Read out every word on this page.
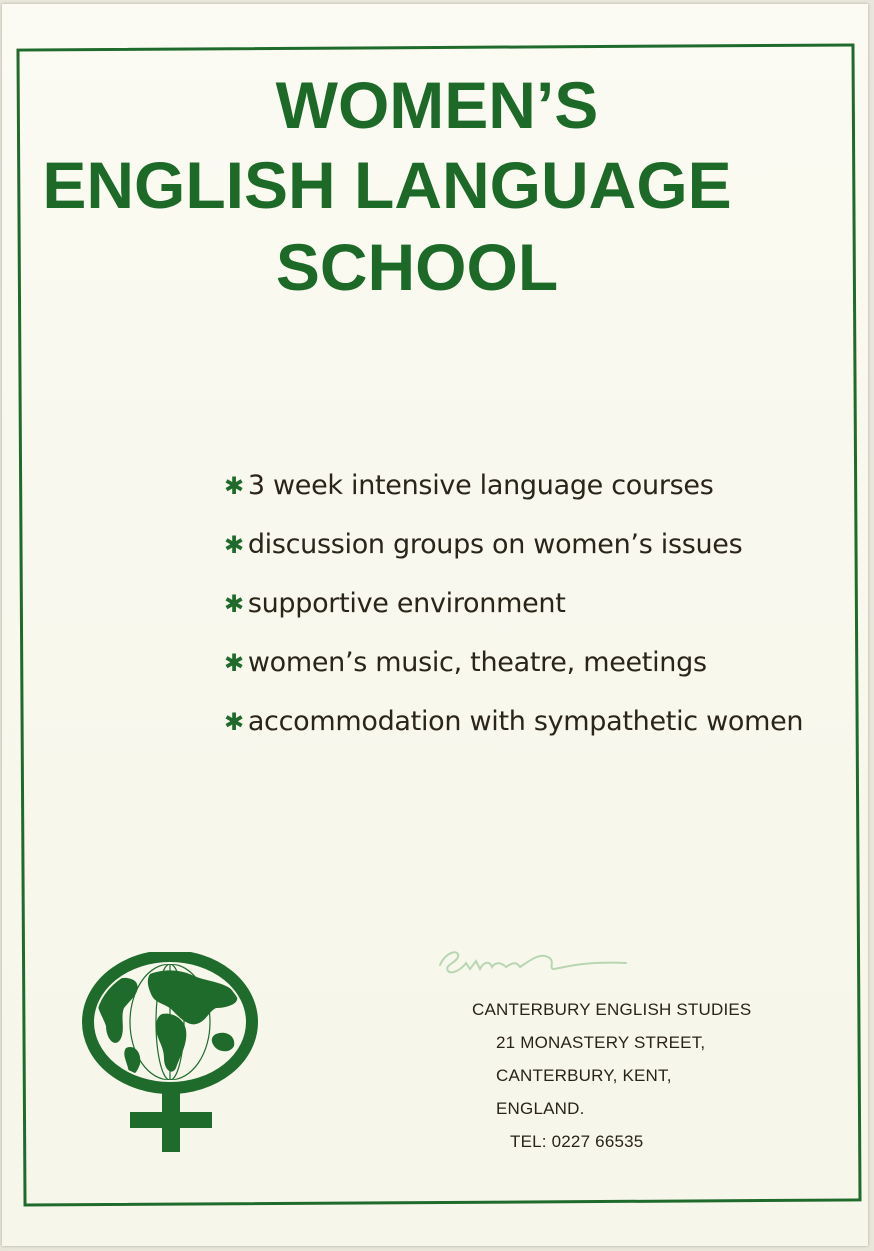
WOMEN’S
ENGLISH LANGUAGE
SCHOOL
✱ 3 week intensive language courses
✱ discussion groups on women’s issues
✱ supportive environment
✱ women’s music, theatre, meetings
✱ accommodation with sympathetic women
CANTERBURY ENGLISH STUDIES
21 MONASTERY STREET,
CANTERBURY, KENT,
ENGLAND.
TEL: 0227 66535
